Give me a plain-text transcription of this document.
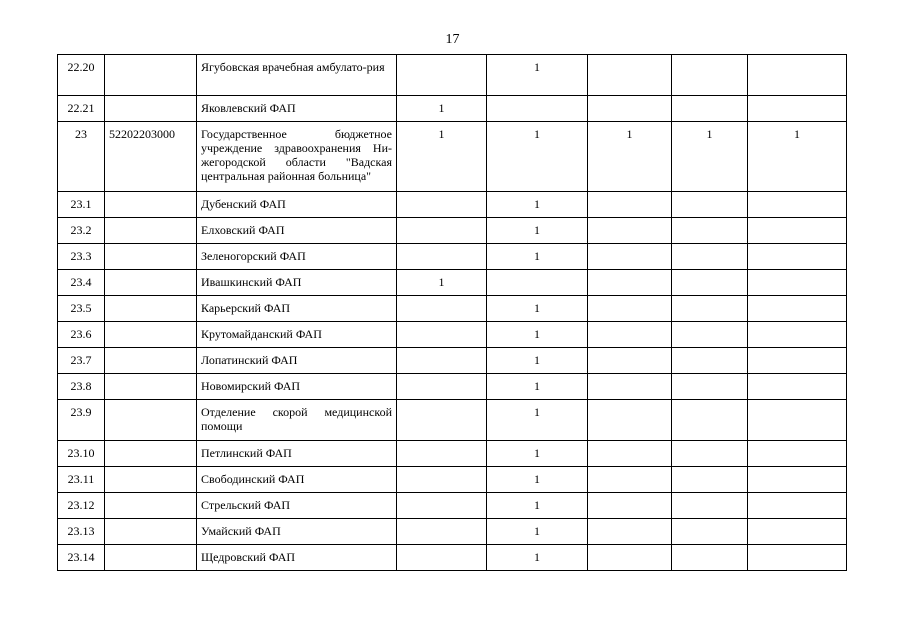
17
22.20		Ягубовская врачебная амбулато-рия		1			
22.21		Яковлевский ФАП	1				
23	52202203000	Государственное бюджетное учреждение здравоохранения Ни-жегородской области "Вадская центральная районная больница"	1	1	1	1	1
23.1		Дубенский ФАП		1			
23.2		Елховский ФАП		1			
23.3		Зеленогорский ФАП		1			
23.4		Ивашкинский ФАП	1				
23.5		Карьерский ФАП		1			
23.6		Крутомайданский ФАП		1			
23.7		Лопатинский ФАП		1			
23.8		Новомирский ФАП		1			
23.9		Отделение скорой медицинской помощи		1			
23.10		Петлинский ФАП		1			
23.11		Свободинский ФАП		1			
23.12		Стрельский ФАП		1			
23.13		Умайский ФАП		1			
23.14		Щедровский ФАП		1			
